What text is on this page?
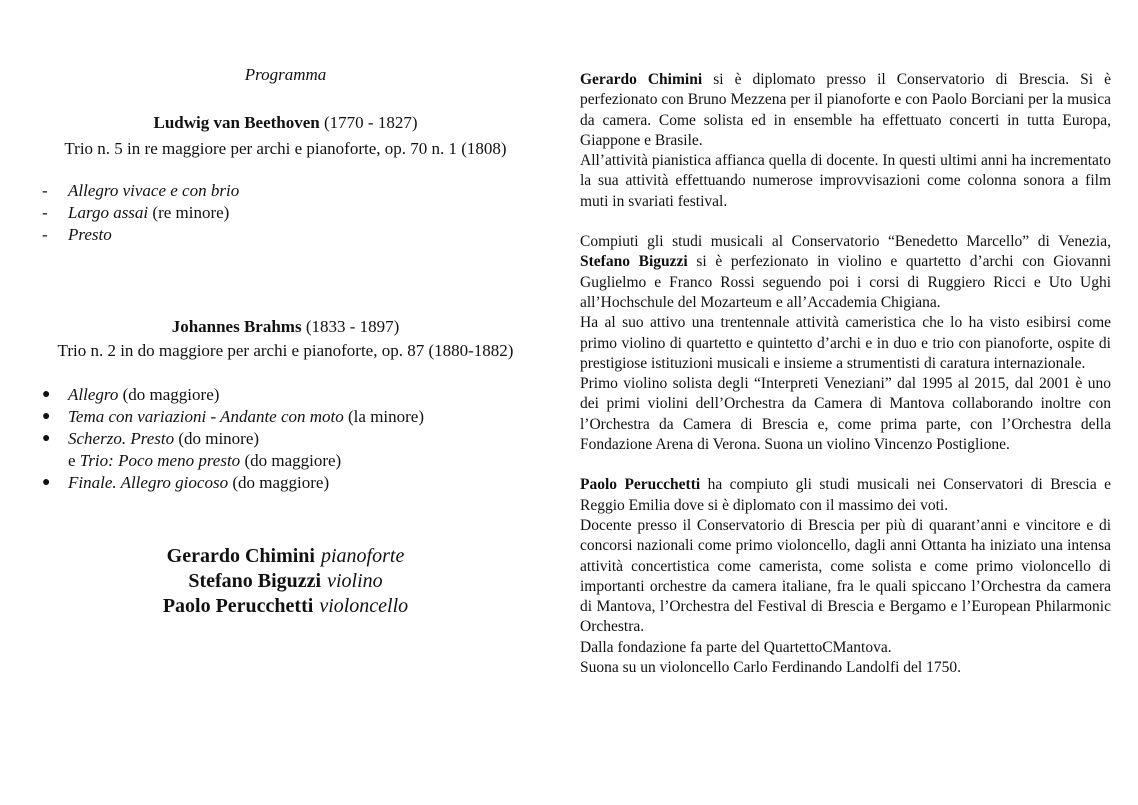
Programma
Ludwig van Beethoven (1770 - 1827)
Trio n. 5 in re maggiore per archi e pianoforte, op. 70 n. 1 (1808)
- Allegro vivace e con brio
- Largo assai (re minore)
- Presto
Johannes Brahms (1833 - 1897)
Trio n. 2 in do maggiore per archi e pianoforte, op. 87 (1880-1882)
● Allegro (do maggiore)
● Tema con variazioni - Andante con moto (la minore)
● Scherzo. Presto (do minore)
e Trio: Poco meno presto (do maggiore)
● Finale. Allegro giocoso (do maggiore)
Gerardo Chimini pianoforte
Stefano Biguzzi violino
Paolo Perucchetti violoncello

Gerardo Chimini si è diplomato presso il Conservatorio di Brescia. Si è perfezionato con Bruno Mezzena per il pianoforte e con Paolo Borciani per la musica da camera. Come solista ed in ensemble ha effettuato concerti in tutta Europa, Giappone e Brasile.

All’attività pianistica affianca quella di docente. In questi ultimi anni ha incrementato la sua attività effettuando numerose improvvisazioni come colonna sonora a film muti in svariati festival.

Compiuti gli studi musicali al Conservatorio “Benedetto Marcello” di Venezia, Stefano Biguzzi si è perfezionato in violino e quartetto d’archi con Giovanni Guglielmo e Franco Rossi seguendo poi i corsi di Ruggiero Ricci e Uto Ughi all’Hochschule del Mozarteum e all’Accademia Chigiana.

Ha al suo attivo una trentennale attività cameristica che lo ha visto esibirsi come primo violino di quartetto e quintetto d’archi e in duo e trio con pianoforte, ospite di prestigiose istituzioni musicali e insieme a strumentisti di caratura internazionale.

Primo violino solista degli “Interpreti Veneziani” dal 1995 al 2015, dal 2001 è uno dei primi violini dell’Orchestra da Camera di Mantova collaborando inoltre con l’Orchestra da Camera di Brescia e, come prima parte, con l’Orchestra della Fondazione Arena di Verona. Suona un violino Vincenzo Postiglione.

Paolo Perucchetti ha compiuto gli studi musicali nei Conservatori di Brescia e Reggio Emilia dove si è diplomato con il massimo dei voti.

Docente presso il Conservatorio di Brescia per più di quarant’anni e vincitore e di concorsi nazionali come primo violoncello, dagli anni Ottanta ha iniziato una intensa attività concertistica come camerista, come solista e come primo violoncello di importanti orchestre da camera italiane, fra le quali spiccano l’Orchestra da camera di Mantova, l’Orchestra del Festival di Brescia e Bergamo e l’European Philarmonic Orchestra.

Dalla fondazione fa parte del QuartettoCMantova.

Suona su un violoncello Carlo Ferdinando Landolfi del 1750.
